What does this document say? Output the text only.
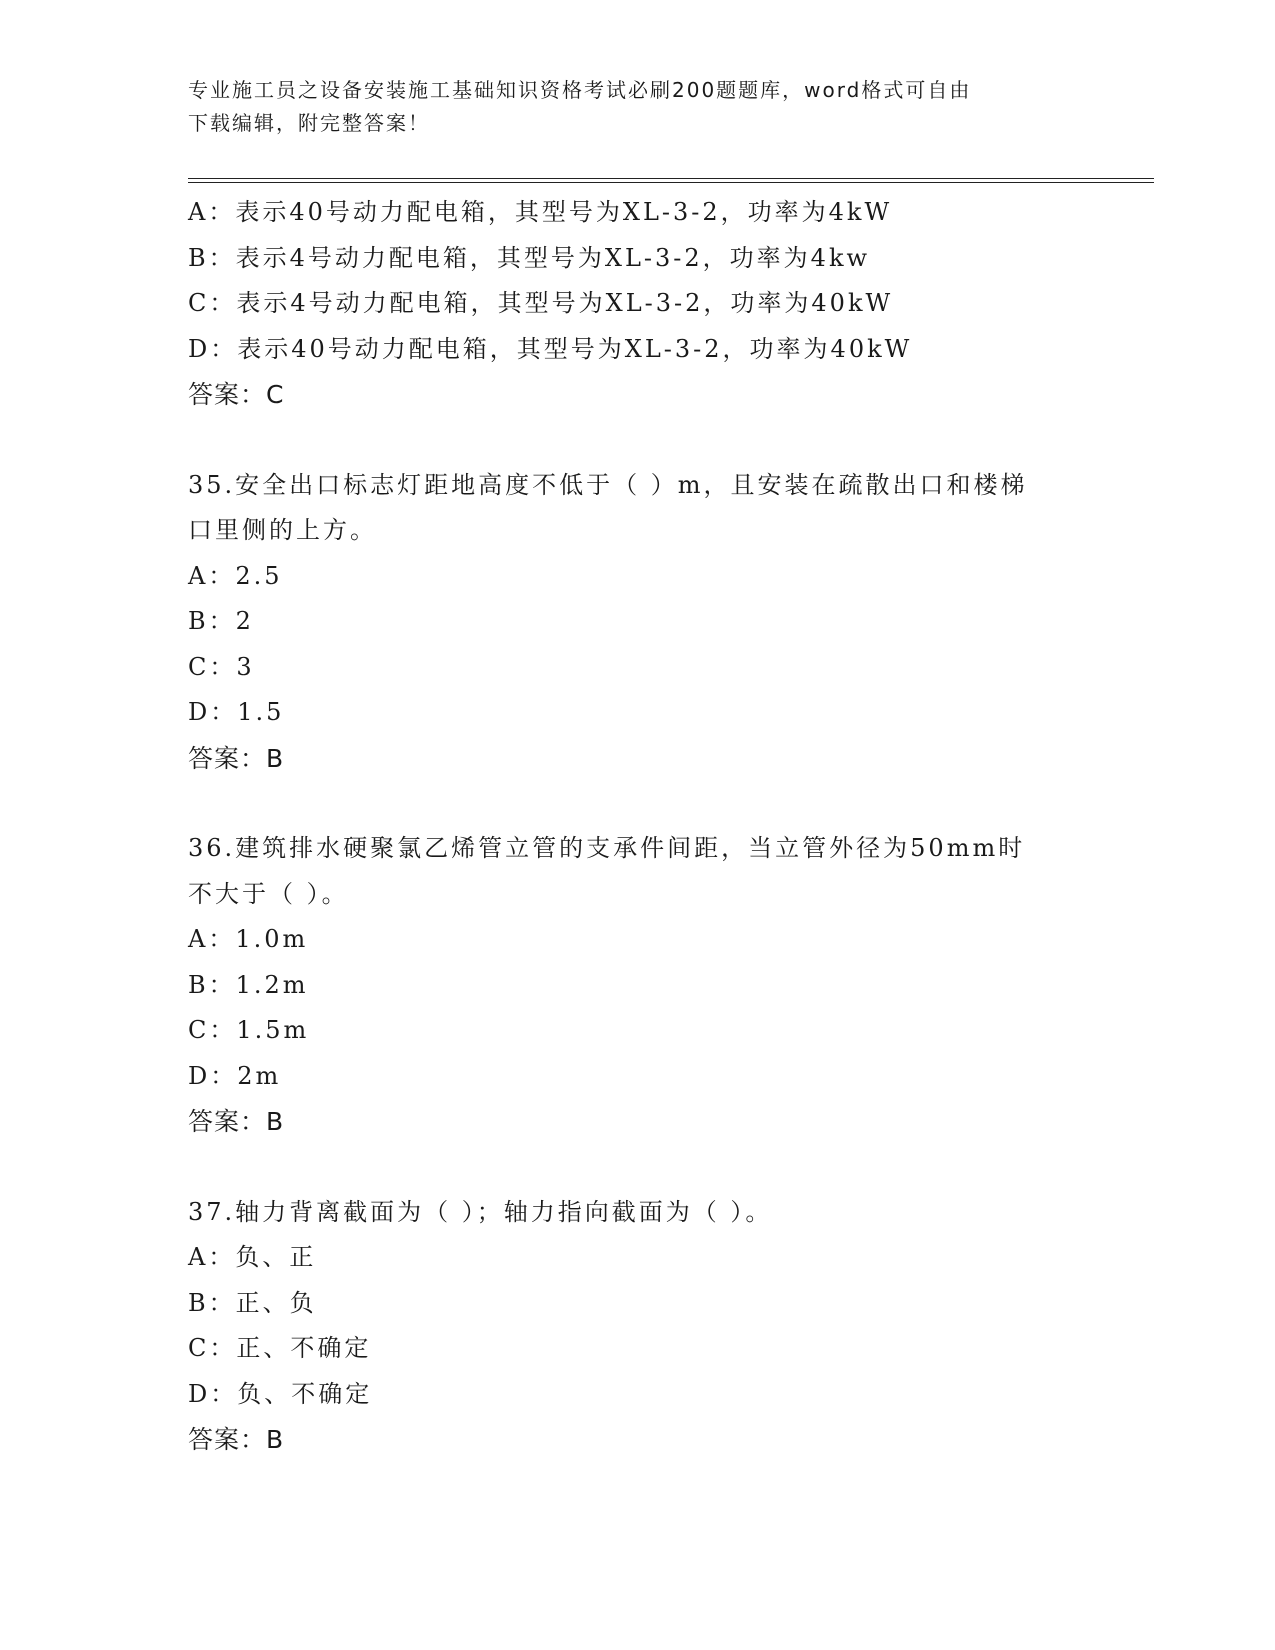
专业施工员之设备安装施工基础知识资格考试必刷200题题库，word格式可自由
下载编辑，附完整答案！
A：表示40号动力配电箱，其型号为XL-3-2，功率为4kW
B：表示4号动力配电箱，其型号为XL-3-2，功率为4kw
C：表示4号动力配电箱，其型号为XL-3-2，功率为40kW
D：表示40号动力配电箱，其型号为XL-3-2，功率为40kW
答案：C
35.安全出口标志灯距地高度不低于（ ）m，且安装在疏散出口和楼梯
口里侧的上方。
A：2.5
B：2
C：3
D：1.5
答案：B
36.建筑排水硬聚氯乙烯管立管的支承件间距，当立管外径为50mm时
不大于（ ）。
A：1.0m
B：1.2m
C：1.5m
D：2m
答案：B
37.轴力背离截面为（ ）；轴力指向截面为（ ）。
A：负、正
B：正、负
C：正、不确定
D：负、不确定
答案：B
